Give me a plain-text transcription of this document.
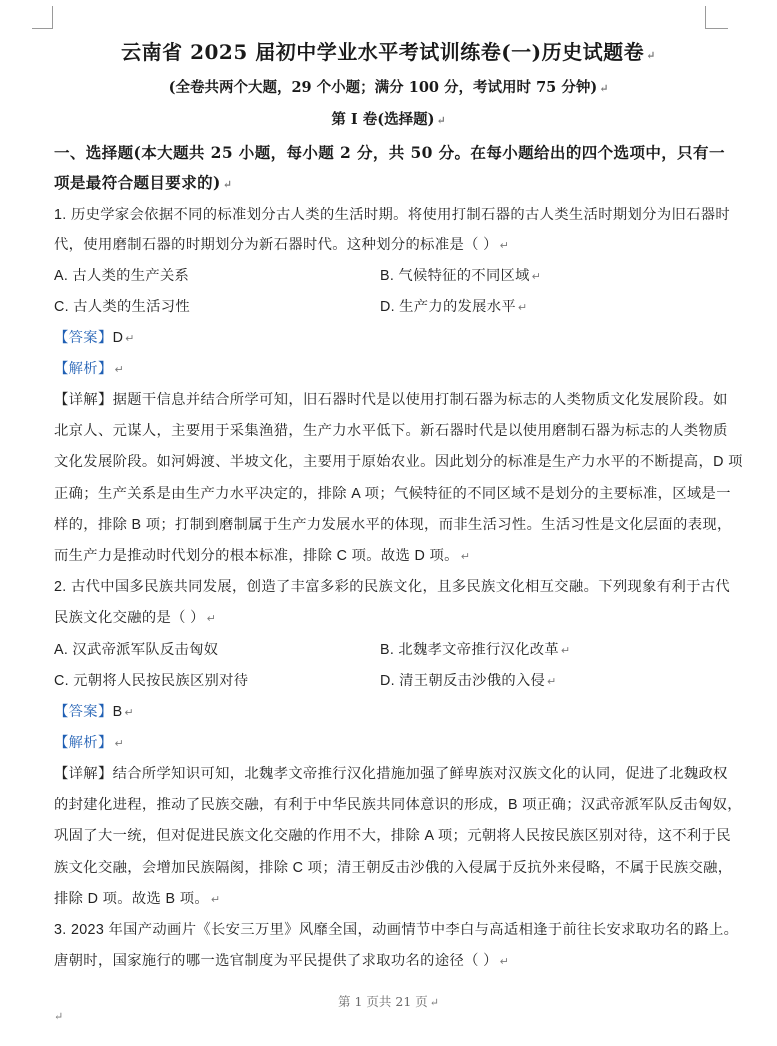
云南省 2025 届初中学业水平考试训练卷(一)历史试题卷 ↵
(全卷共两个大题，29 个小题；满分 100 分，考试用时 75 分钟) ↵
第 I 卷(选择题) ↵
一、选择题(本大题共 25 小题，每小题 2 分，共 50 分。在每小题给出的四个选项中，只有一
项是最符合题目要求的) ↵
1. 历史学家会依据不同的标准划分古人类的生活时期。将使用打制石器的古人类生活时期划分为旧石器时
代，使用磨制石器的时期划分为新石器时代。这种划分的标准是（ ） ↵
A. 古人类的生产关系	B. 气候特征的不同区域 ↵
C. 古人类的生活习性	D. 生产力的发展水平 ↵
【答案】D ↵
【解析】 ↵
【详解】据题干信息并结合所学可知，旧石器时代是以使用打制石器为标志的人类物质文化发展阶段。如
北京人、元谋人，主要用于采集渔猎，生产力水平低下。新石器时代是以使用磨制石器为标志的人类物质
文化发展阶段。如河姆渡、半坡文化，主要用于原始农业。因此划分的标准是生产力水平的不断提高，D 项
正确；生产关系是由生产力水平决定的，排除 A 项；气候特征的不同区域不是划分的主要标准，区域是一
样的，排除 B 项；打制到磨制属于生产力发展水平的体现，而非生活习性。生活习性是文化层面的表现，
而生产力是推动时代划分的根本标准，排除 C 项。故选 D 项。 ↵
2. 古代中国多民族共同发展，创造了丰富多彩的民族文化，且多民族文化相互交融。下列现象有利于古代
民族文化交融的是（ ） ↵
A. 汉武帝派军队反击匈奴	B. 北魏孝文帝推行汉化改革 ↵
C. 元朝将人民按民族区别对待	D. 清王朝反击沙俄的入侵 ↵
【答案】B ↵
【解析】 ↵
【详解】结合所学知识可知，北魏孝文帝推行汉化措施加强了鲜卑族对汉族文化的认同，促进了北魏政权
的封建化进程，推动了民族交融，有利于中华民族共同体意识的形成，B 项正确；汉武帝派军队反击匈奴，
巩固了大一统，但对促进民族文化交融的作用不大，排除 A 项；元朝将人民按民族区别对待，这不利于民
族文化交融，会增加民族隔阂，排除 C 项；清王朝反击沙俄的入侵属于反抗外来侵略，不属于民族交融，
排除 D 项。故选 B 项。 ↵
3. 2023 年国产动画片《长安三万里》风靡全国，动画情节中李白与高适相逢于前往长安求取功名的路上。
唐朝时，国家施行的哪一选官制度为平民提供了求取功名的途径（ ） ↵
第 1 页共 21 页 ↵
↵
